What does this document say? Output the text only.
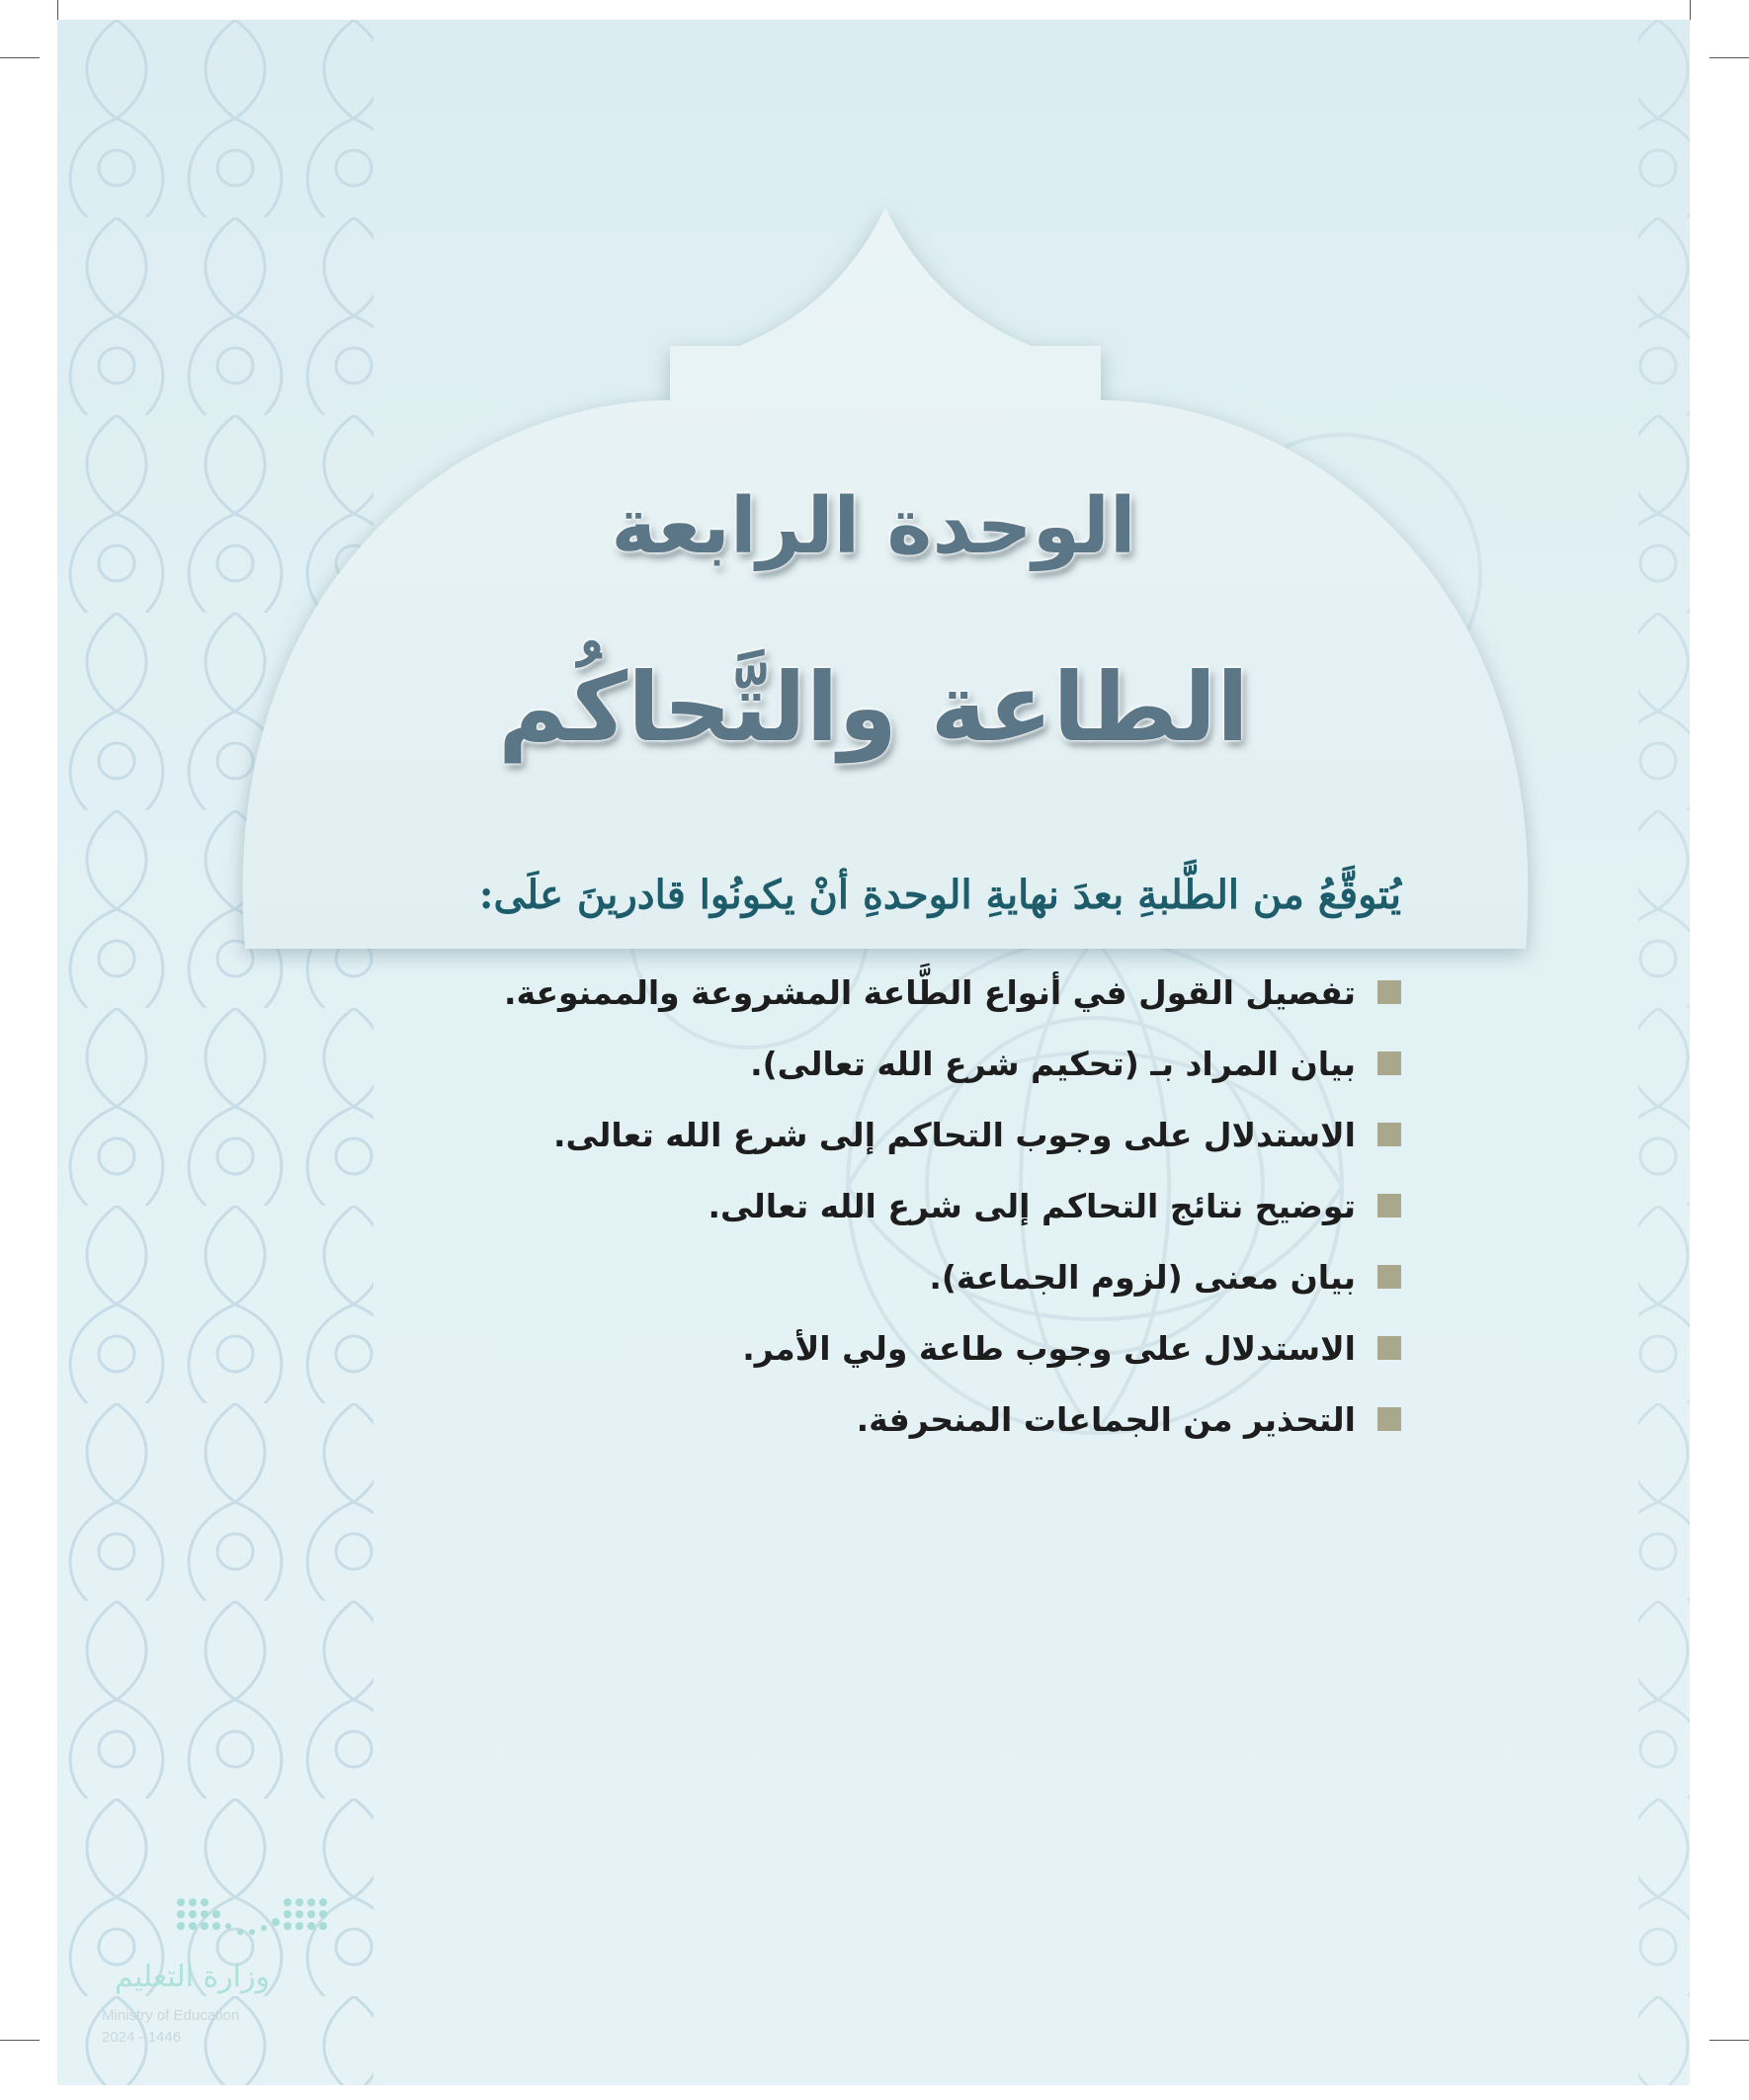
الوحدة الرابعة
الطاعة والتَّحاكُم
يُتوقَّعُ من الطَّلبةِ بعدَ نهايةِ الوحدةِ أنْ يكونُوا قادرينَ علَى:
تفصيل القول في أنواع الطَّاعة المشروعة والممنوعة.
بيان المراد بـ (تحكيم شرع الله تعالى).
الاستدلال على وجوب التحاكم إلى شرع الله تعالى.
توضيح نتائج التحاكم إلى شرع الله تعالى.
بيان معنى (لزوم الجماعة).
الاستدلال على وجوب طاعة ولي الأمر.
التحذير من الجماعات المنحرفة.
وزارة التعليم
Ministry of Education
2024 - 1446
